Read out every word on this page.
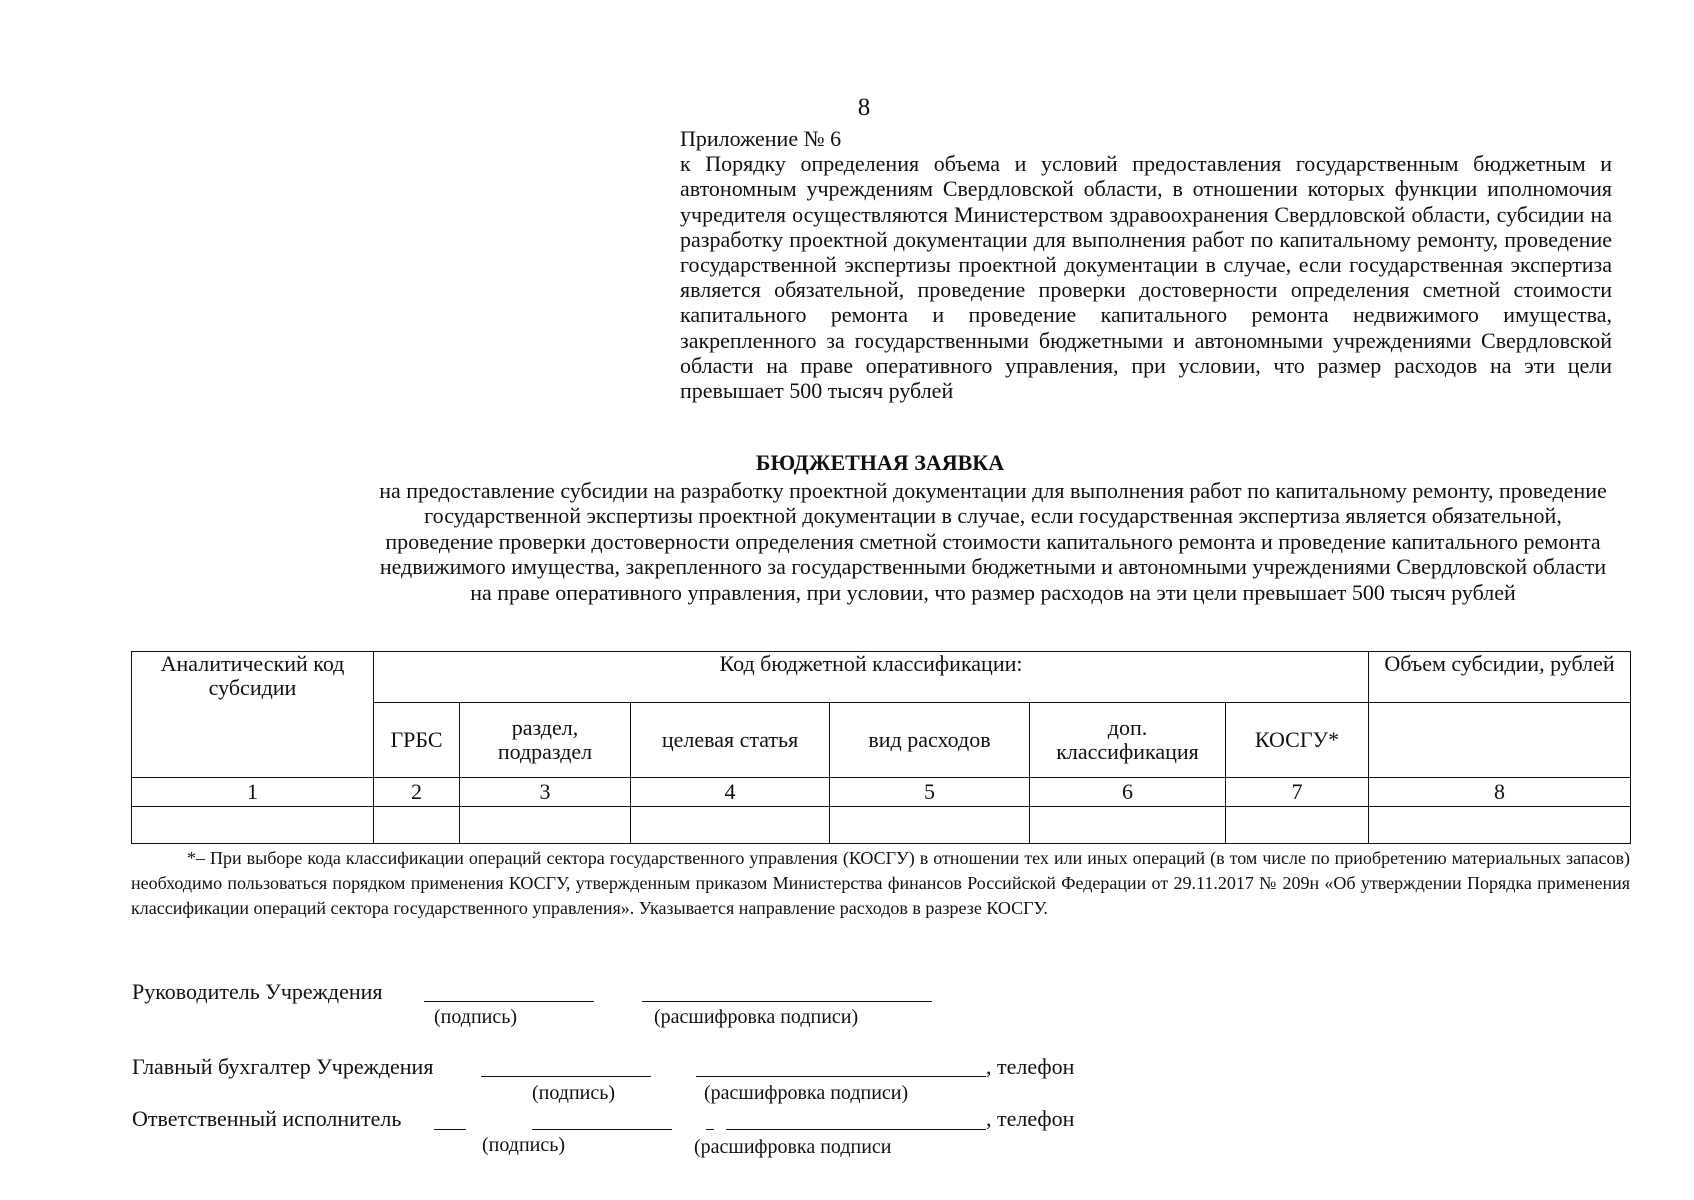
8

Приложение № 6

к Порядку определения объема и условий предоставления государственным бюджетным и автономным учреждениям Свердловской области, в отношении которых функции иполномочия учредителя осуществляются Министерством здравоохранения Свердловской области, субсидии на разработку проектной документации для выполнения работ по капитальному ремонту, проведение государственной экспертизы проектной документации в случае, если государственная экспертиза является обязательной, проведение проверки достоверности определения сметной стоимости капитального ремонта и проведение капитального ремонта недвижимого имущества, закрепленного за государственными бюджетными и автономными учреждениями Свердловской области на праве оперативного управления, при условии, что размер расходов на эти цели превышает 500 тысяч рублей

БЮДЖЕТНАЯ ЗАЯВКА
на предоставление субсидии на разработку проектной документации для выполнения работ по капитальному ремонту, проведение государственной экспертизы проектной документации в случае, если государственная экспертиза является обязательной, проведение проверки достоверности определения сметной стоимости капитального ремонта и проведение капитального ремонта недвижимого имущества, закрепленного за государственными бюджетными и автономными учреждениями Свердловской области на праве оперативного управления, при условии, что размер расходов на эти цели превышает 500 тысяч рублей
Аналитический код субсидии	Код бюджетной классификации:						Объем субсидии, рублей
	ГРБС	раздел, подраздел	целевая статья	вид расходов	доп. классификация	КОСГУ*	
1	2	3	4	5	6	7	8

*– При выборе кода классификации операций сектора государственного управления (КОСГУ) в отношении тех или иных операций (в том числе по приобретению материальных запасов) необходимо пользоваться порядком применения КОСГУ, утвержденным приказом Министерства финансов Российской Федерации от 29.11.2017 № 209н «Об утверждении Порядка применения классификации операций сектора государственного управления». Указывается направление расходов в разрезе КОСГУ.

Руководитель Учреждения
(подпись)	(расшифровка подписи)
Главный бухгалтер Учреждения	, телефон
(подпись)	(расшифровка подписи)
Ответственный исполнитель	, телефон
(подпись)	(расшифровка подписи
